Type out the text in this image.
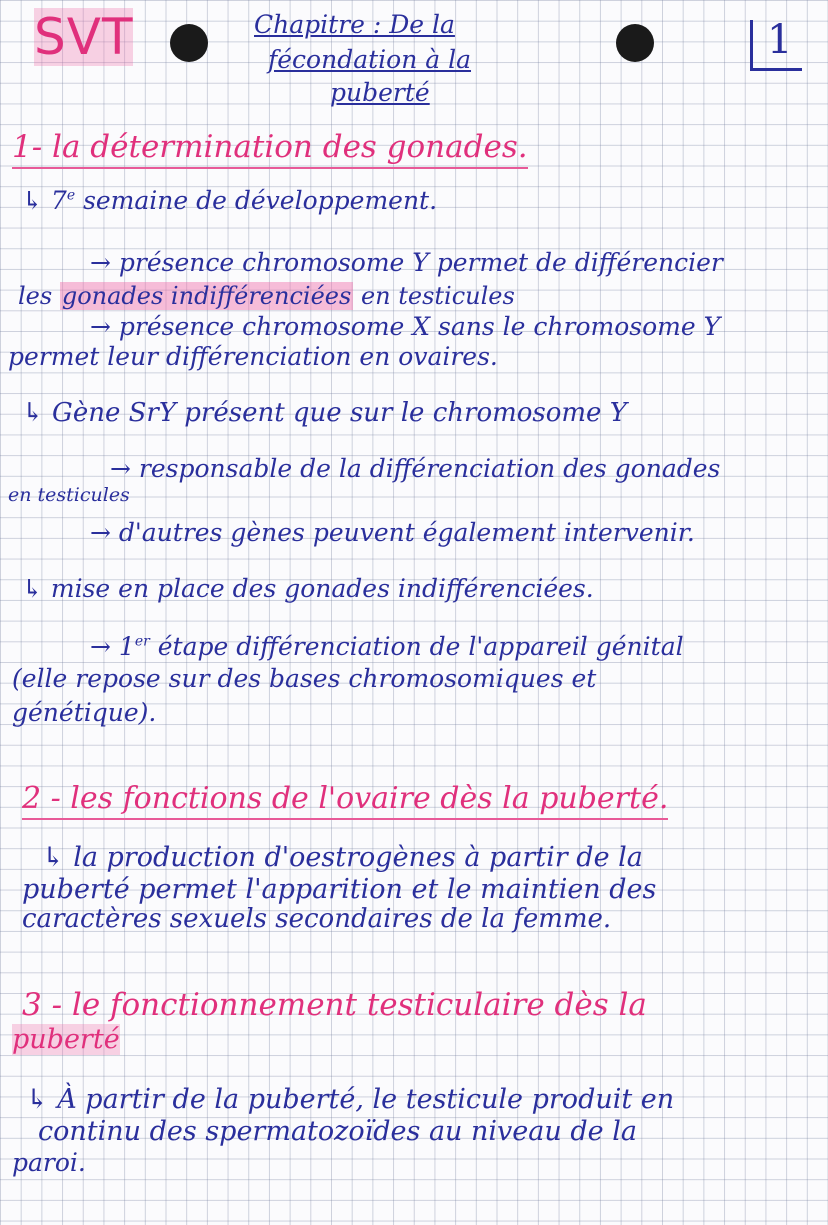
SVT	Chapitre : De la
fécondation à la
puberté
1
1- la détermination des gonades.
↳ 7e semaine de développement.
→ présence chromosome Y permet de différencier
les gonades indifférenciées en testicules
→ présence chromosome X sans le chromosome Y
permet leur différenciation en ovaires.
↳ Gène SrY présent que sur le chromosome Y
→ responsable de la différenciation des gonades
en testicules
→ d'autres gènes peuvent également intervenir.
↳ mise en place des gonades indifférenciées.
→ 1er étape différenciation de l'appareil génital
(elle repose sur des bases chromosomiques et
génétique).
2 - les fonctions de l'ovaire dès la puberté.
↳ la production d'oestrogènes à partir de la
puberté permet l'apparition et le maintien des
caractères sexuels secondaires de la femme.
3 - le fonctionnement testiculaire dès la
puberté
↳ À partir de la puberté, le testicule produit en
continu des spermatozoïdes au niveau de la
paroi.
